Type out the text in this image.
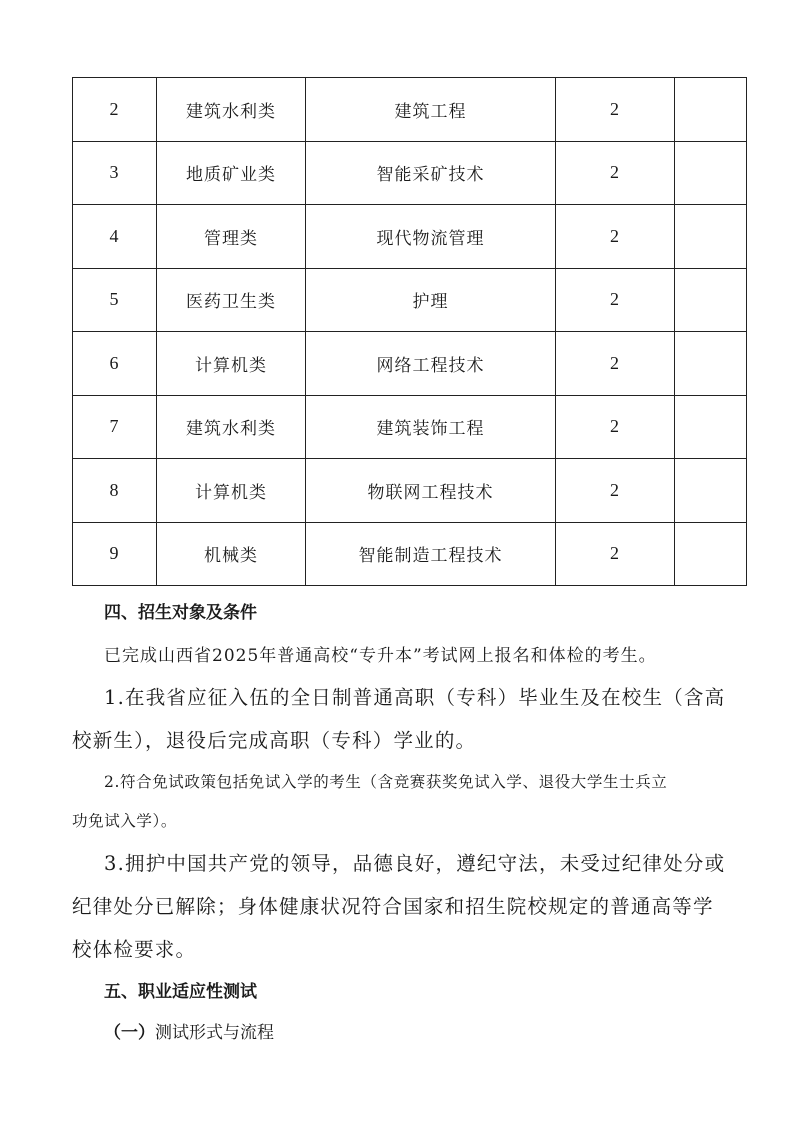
2	建筑水利类	建筑工程	2	
3	地质矿业类	智能采矿技术	2	
4	管理类	现代物流管理	2	
5	医药卫生类	护理	2	
6	计算机类	网络工程技术	2	
7	建筑水利类	建筑装饰工程	2	
8	计算机类	物联网工程技术	2	
9	机械类	智能制造工程技术	2	
四、招生对象及条件
已完成山西省2025年普通高校“专升本”考试网上报名和体检的考生。
1.在我省应征入伍的全日制普通高职（专科）毕业生及在校生（含高
校新生），退役后完成高职（专科）学业的。
2.符合免试政策包括免试入学的考生（含竞赛获奖免试入学、退役大学生士兵立
功免试入学）。
3.拥护中国共产党的领导，品德良好，遵纪守法，未受过纪律处分或
纪律处分已解除；身体健康状况符合国家和招生院校规定的普通高等学
校体检要求。
五、职业适应性测试
（一）测试形式与流程
